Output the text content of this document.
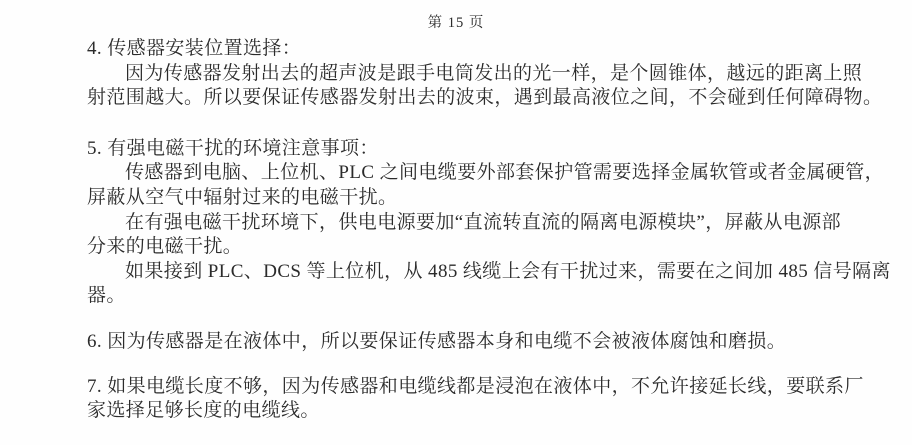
第 15 页

4. 传感器安装位置选择：

因为传感器发射出去的超声波是跟手电筒发出的光一样，是个圆锥体，越远的距离上照

射范围越大。所以要保证传感器发射出去的波束，遇到最高液位之间，不会碰到任何障碍物。

5. 有强电磁干扰的环境注意事项：

传感器到电脑、上位机、PLC 之间电缆要外部套保护管需要选择金属软管或者金属硬管，

屏蔽从空气中辐射过来的电磁干扰。

在有强电磁干扰环境下，供电电源要加“直流转直流的隔离电源模块”，屏蔽从电源部

分来的电磁干扰。

如果接到 PLC、DCS 等上位机，从 485 线缆上会有干扰过来，需要在之间加 485 信号隔离

器。

6. 因为传感器是在液体中，所以要保证传感器本身和电缆不会被液体腐蚀和磨损。

7. 如果电缆长度不够，因为传感器和电缆线都是浸泡在液体中，不允许接延长线，要联系厂

家选择足够长度的电缆线。
